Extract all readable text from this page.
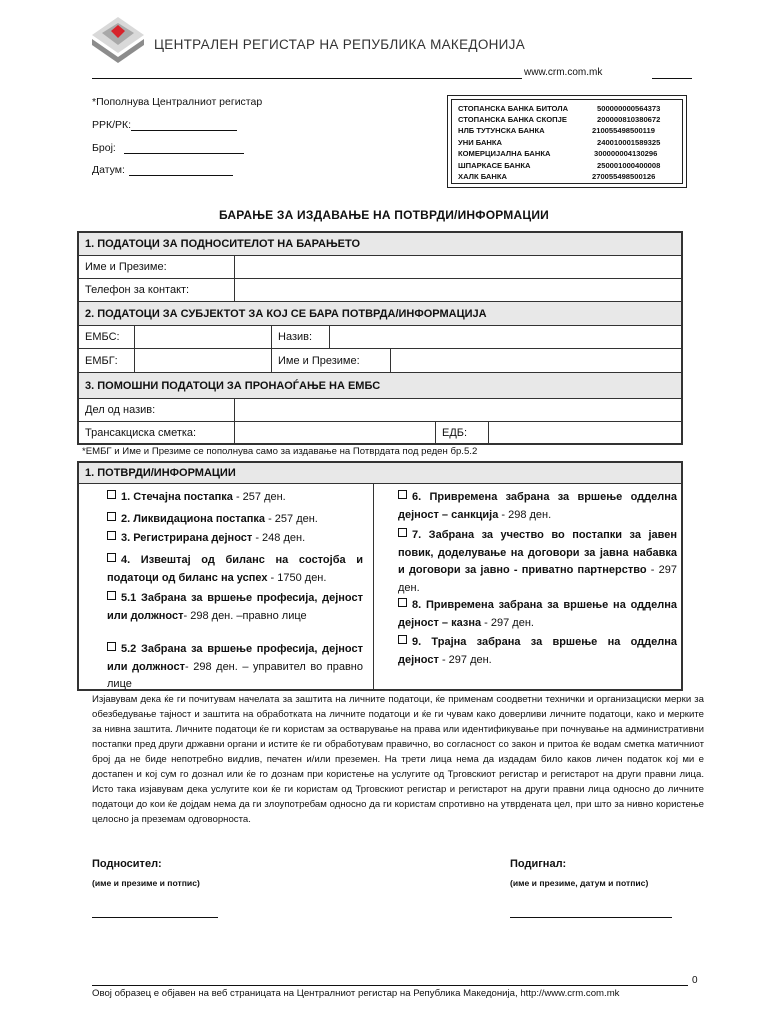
ЦЕНТРАЛЕН РЕГИСТАР НА РЕПУБЛИКА МАКЕДОНИЈА
www.crm.com.mk
*Пополнува Централниот регистар
РРК/РК:
Број:
Датум:
СТОПАНСКА БАНКА БИТОЛА	500000000564373
СТОПАНСКА БАНКА СКОПЈЕ	200000810380672
НЛБ ТУТУНСКА БАНКА	210055498500119
УНИ БАНКА	240010001589325
КОМЕРЦИЈАЛНА БАНКА	300000004130296
ШПАРКАСЕ БАНКА	250001000400008
ХАЛК БАНКА	270055498500126
БАРАЊЕ ЗА ИЗДАВАЊЕ НА ПОТВРДИ/ИНФОРМАЦИИ
1. ПОДАТОЦИ ЗА ПОДНОСИТЕЛОТ НА БАРАЊЕТО
Име и Презиме:
Телефон за контакт:
2. ПОДАТОЦИ ЗА СУБЈЕКТОТ ЗА КОЈ СЕ БАРА ПОТВРДА/ИНФОРМАЦИЈА
ЕМБС:	Назив:
ЕМБГ:	Име и Презиме:
3. ПОМОШНИ ПОДАТОЦИ ЗА ПРОНАОЃАЊЕ НА ЕМБС
Дел од назив:
Трансакциска сметка:	ЕДБ:
*ЕМБГ и Име и Презиме се пополнува само за издавање на Потврдата под реден бр.5.2
1. ПОТВРДИ/ИНФОРМАЦИИ
1. Стечајна постапка - 257 ден.
2. Ликвидациона постапка - 257 ден.
3. Регистрирана дејност - 248 ден.
4. Извештај од биланс на состојба и податоци од биланс на успех - 1750 ден.
5.1 Забрана за вршење професија, дејност или должност- 298 ден. –правно лице
5.2 Забрана за вршење професија, дејност или должност- 298 ден. – управител во правно лице
6. Привремена забрана за вршење одделна дејност – санкција - 298 ден.
7. Забрана за учество во постапки за јавен повик, доделување на договори за јавна набавка и договори за јавно - приватно партнерство - 297 ден.
8. Привремена забрана за вршење на одделна дејност – казна - 297 ден.
9. Трајна забрана за вршење на одделна дејност - 297 ден.
Изјавувам дека ќе ги почитувам начелата за заштита на личните податоци, ќе применам соодветни технички и организациски мерки за обезбедување тајност и заштита на обработката на личните податоци и ќе ги чувам како доверливи личните податоци, како и мерките за нивна заштита. Личните податоци ќе ги користам за остварување на права или идентификување при почнување на административни постапки пред други државни органи и истите ќе ги обработувам правично, во согласност со закон и притоа ќе водам сметка матичниот број да не биде непотребно видлив, печатен и/или преземен. На трети лица нема да издадам било каков личен податок кој ми е достапен и кој сум го дознал или ќе го дознам при користење на услугите од Трговскиот регистар и регистарот на други правни лица. Исто така изјавувам дека услугите кои ќе ги користам од Трговскиот регистар и регистарот на други правни лица односно до личните податоци до кои ќе дојдам нема да ги злоупотребам односно да ги користам спротивно на утврдената цел, при што за нивно користење целосно ја преземам одговорноста.
Подносител:
(име и презиме и потпис)
Подигнал:
(име и презиме, датум и потпис)
0
Овој образец е објавен на веб страницата на Централниот регистар на Република Македонија, http://www.crm.com.mk
